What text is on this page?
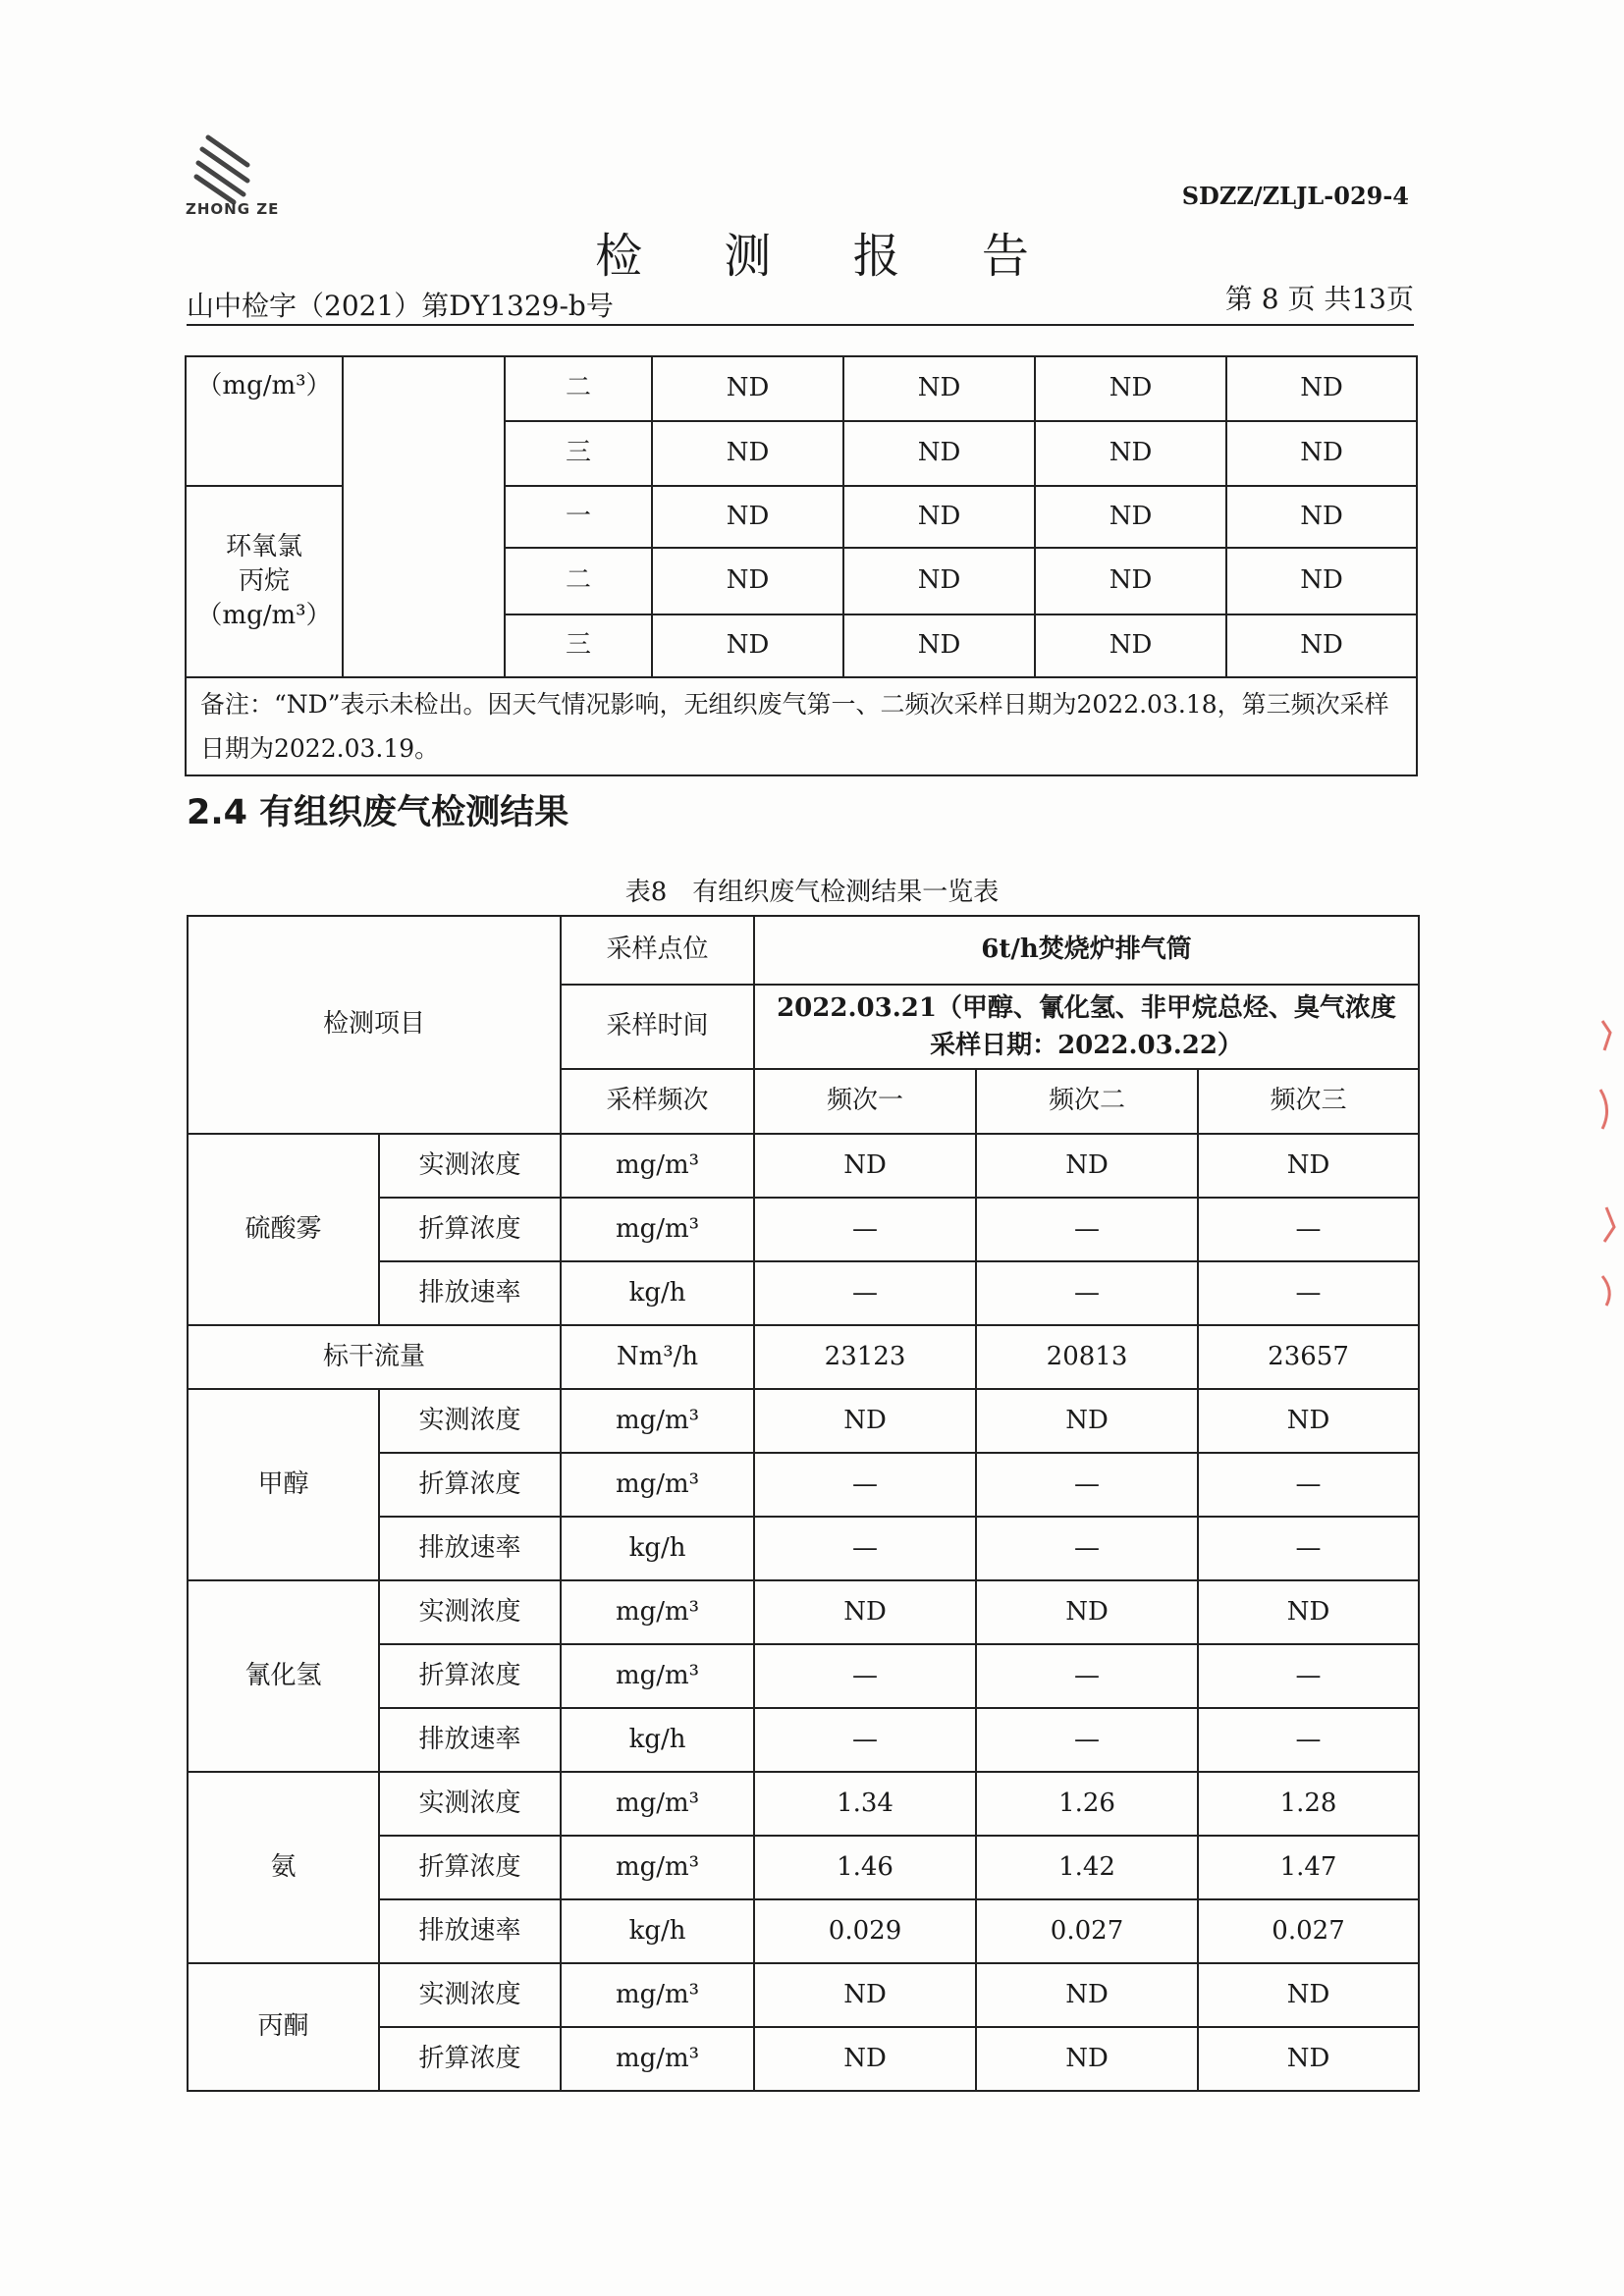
ZHONG ZE	SDZZ/ZLJL-029-4
检 测 报 告
山中检字（2021）第DY1329-b号	第 8 页 共13页
（mg/m³）		二	ND	ND	ND	ND
		三	ND	ND	ND	ND

环氧氯
丙烷
（mg/m³）		一	ND	ND	ND	ND
		二	ND	ND	ND	ND
		三	ND	ND	ND	ND
备注：“ND”表示未检出。因天气情况影响，无组织废气第一、二频次采样日期为2022.03.18，第三频次采样日期为2022.03.19。						
2.4 有组织废气检测结果
表8　有组织废气检测结果一览表
检测项目		采样点位	6t/h焚烧炉排气筒		
		采样时间	2022.03.21（甲醇、氰化氢、非甲烷总烃、臭气浓度采样日期：2022.03.22）		
		采样频次	频次一	频次二	频次三
硫酸雾	实测浓度	mg/m³	ND	ND	ND
	折算浓度	mg/m³	—	—	—
	排放速率	kg/h	—	—	—
标干流量		Nm³/h	23123	20813	23657
甲醇	实测浓度	mg/m³	ND	ND	ND
	折算浓度	mg/m³	—	—	—
	排放速率	kg/h	—	—	—
氰化氢	实测浓度	mg/m³	ND	ND	ND
	折算浓度	mg/m³	—	—	—
	排放速率	kg/h	—	—	—
氨	实测浓度	mg/m³	1.34	1.26	1.28
	折算浓度	mg/m³	1.46	1.42	1.47
	排放速率	kg/h	0.029	0.027	0.027
丙酮	实测浓度	mg/m³	ND	ND	ND
	折算浓度	mg/m³	ND	ND	ND
